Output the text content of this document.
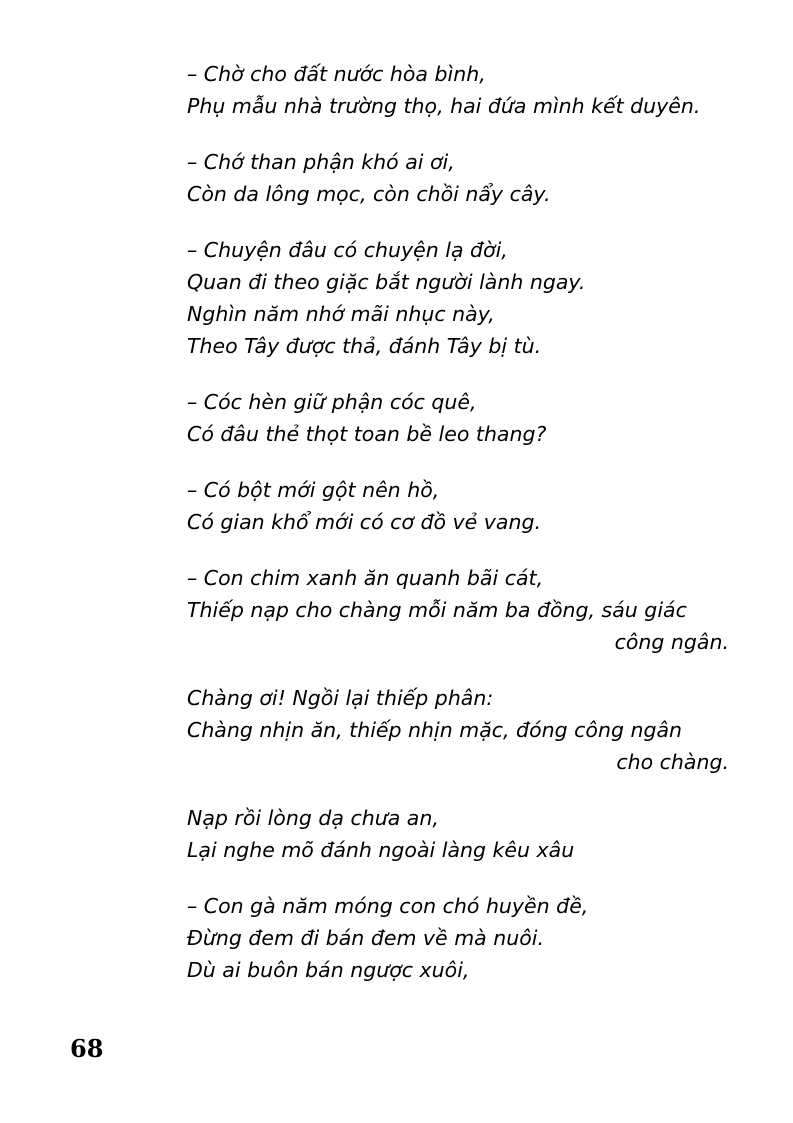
– Chờ cho đất nước hòa bình,
Phụ mẫu nhà trường thọ, hai đứa mình kết duyên.
– Chớ than phận khó ai ơi,
Còn da lông mọc, còn chồi nẩy cây.
– Chuyện đâu có chuyện lạ đời,
Quan đi theo giặc bắt người lành ngay.
Nghìn năm nhớ mãi nhục này,
Theo Tây được thả, đánh Tây bị tù.
– Cóc hèn giữ phận cóc quê,
Có đâu thẻ thọt toan bề leo thang?
– Có bột mới gột nên hồ,
Có gian khổ mới có cơ đồ vẻ vang.
– Con chim xanh ăn quanh bãi cát,
Thiếp nạp cho chàng mỗi năm ba đồng, sáu giác
công ngân.
Chàng ơi! Ngồi lại thiếp phân:
Chàng nhịn ăn, thiếp nhịn mặc, đóng công ngân
cho chàng.
Nạp rồi lòng dạ chưa an,
Lại nghe mõ đánh ngoài làng kêu xâu
– Con gà năm móng con chó huyền đề,
Đừng đem đi bán đem về mà nuôi.
Dù ai buôn bán ngược xuôi,
68
